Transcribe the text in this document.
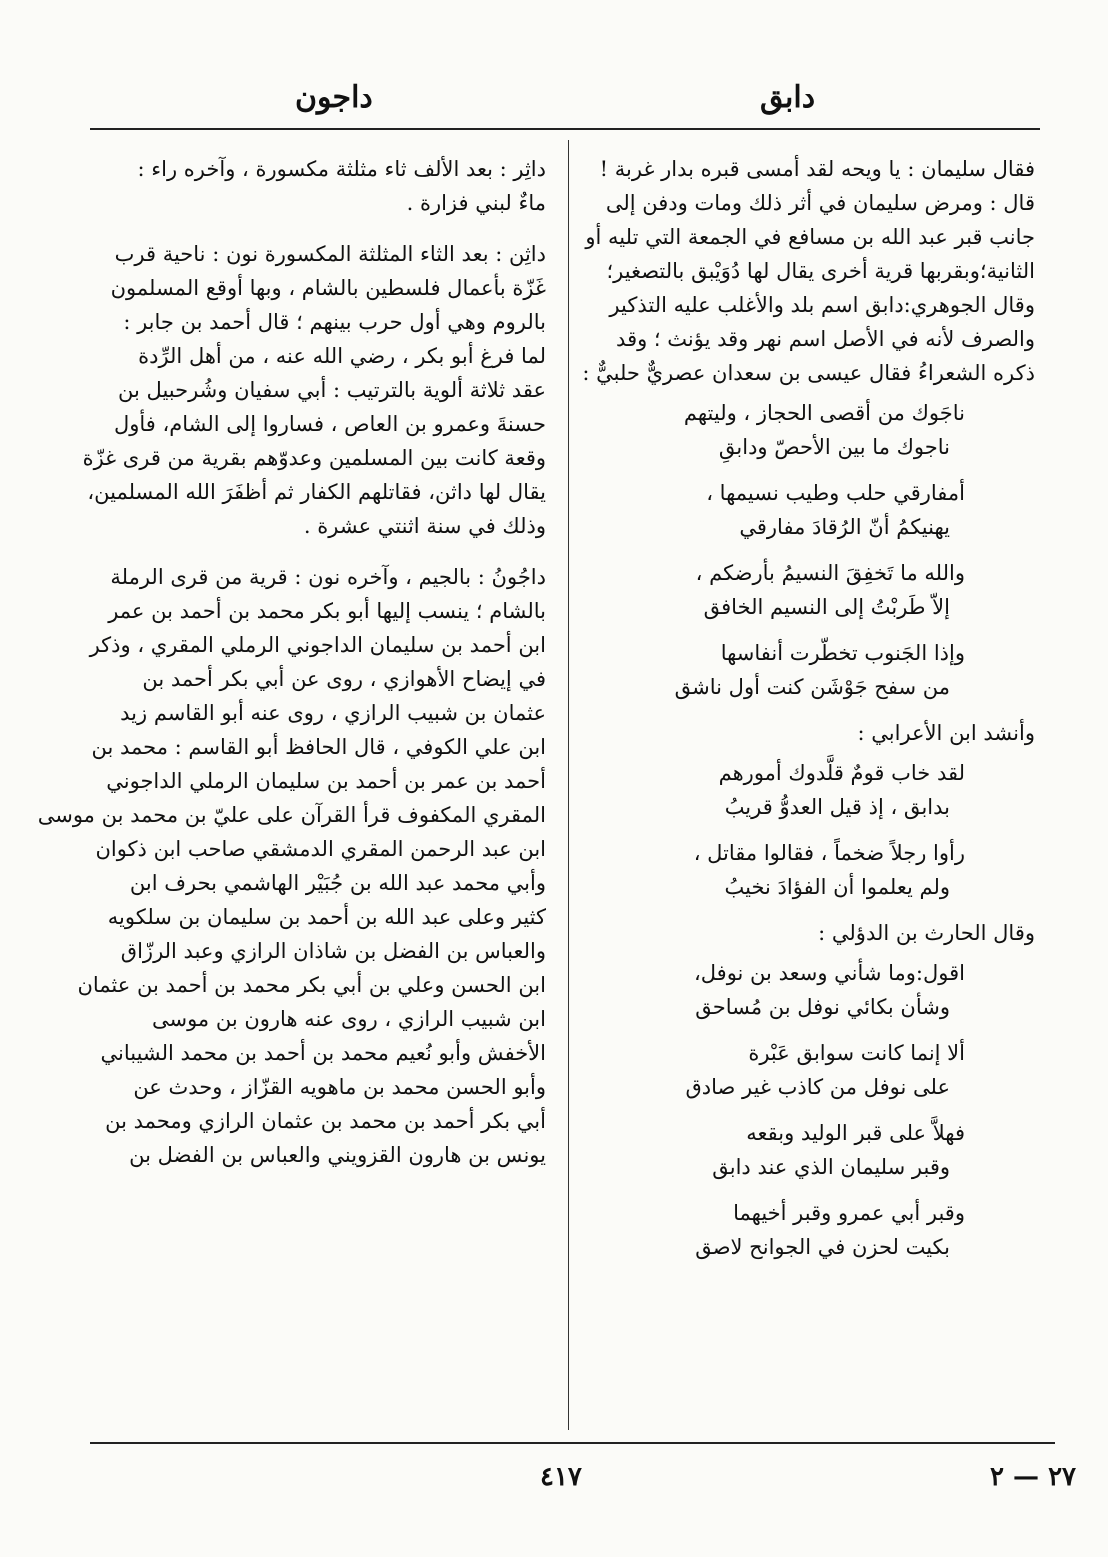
دابق
داجون
فقال سليمان : يا ويحه لقد أمسى قبره بدار غربة !
قال : ومرض سليمان في أثر ذلك ومات ودفن إلى
جانب قبر عبد الله بن مسافع في الجمعة التي تليه أو
الثانية؛وبقربها قرية أخرى يقال لها دُوَيْبق بالتصغير؛
وقال الجوهري:دابق اسم بلد والأغلب عليه التذكير
والصرف لأنه في الأصل اسم نهر وقد يؤنث ؛ وقد
ذكره الشعراءُ فقال عيسى بن سعدان عصريٌّ حلبيٌّ :
ناجَوك من أقصى الحجاز ، وليتهم
ناجوك ما بين الأحصّ ودابقِ
أمفارقي حلب وطيب نسيمها ،
يهنيكمُ أنّ الرُقادَ مفارقي
والله ما تَخفِقَ النسيمُ بأرضكم ،
إلاّ طَربْتُ إلى النسيم الخافق
وإذا الجَنوب تخطّرت أنفاسها
من سفح جَوْشَن كنت أول ناشق
وأنشد ابن الأعرابي :
لقد خاب قومٌ قلَّدوك أمورهم
بدابق ، إذ قيل العدوُّ قريبُ
رأوا رجلاً ضخماً ، فقالوا مقاتل ،
ولم يعلموا أن الفؤادَ نخيبُ
وقال الحارث بن الدؤلي :
اقول:وما شأني وسعد بن نوفل،
وشأن بكائي نوفل بن مُساحق
ألا إنما كانت سوابق عَبْرة
على نوفل من كاذب غير صادق
فهلاَّ على قبر الوليد وبقعه
وقبر سليمان الذي عند دابق
وقبر أبي عمرو وقبر أخيهما
بكيت لحزن في الجوانح لاصق
داثِر : بعد الألف ثاء مثلثة مكسورة ، وآخره راء :
ماءٌ لبني فزارة .
داثِن : بعد الثاء المثلثة المكسورة نون : ناحية قرب
غَزّة بأعمال فلسطين بالشام ، وبها أوقع المسلمون
بالروم وهي أول حرب بينهم ؛ قال أحمد بن جابر :
لما فرغ أبو بكر ، رضي الله عنه ، من أهل الرِّدة
عقد ثلاثة ألوية بالترتيب : أبي سفيان وشُرحبيل بن
حسنةَ وعمرو بن العاص ، فساروا إلى الشام، فأول
وقعة كانت بين المسلمين وعدوّهم بقرية من قرى غزّة
يقال لها داثن، فقاتلهم الكفار ثم أظفَرَ الله المسلمين،
وذلك في سنة اثنتي عشرة .
داجُونُ : بالجيم ، وآخره نون : قرية من قرى الرملة
بالشام ؛ ينسب إليها أبو بكر محمد بن أحمد بن عمر
ابن أحمد بن سليمان الداجوني الرملي المقري ، وذكر
في إيضاح الأهوازي ، روى عن أبي بكر أحمد بن
عثمان بن شبيب الرازي ، روى عنه أبو القاسم زيد
ابن علي الكوفي ، قال الحافظ أبو القاسم : محمد بن
أحمد بن عمر بن أحمد بن سليمان الرملي الداجوني
المقري المكفوف قرأ القرآن على عليّ بن محمد بن موسى
ابن عبد الرحمن المقري الدمشقي صاحب ابن ذكوان
وأبي محمد عبد الله بن جُبَيْر الهاشمي بحرف ابن
كثير وعلى عبد الله بن أحمد بن سليمان بن سلكويه
والعباس بن الفضل بن شاذان الرازي وعبد الرزّاق
ابن الحسن وعلي بن أبي بكر محمد بن أحمد بن عثمان
ابن شبيب الرازي ، روى عنه هارون بن موسى
الأخفش وأبو نُعيم محمد بن أحمد بن محمد الشيباني
وأبو الحسن محمد بن ماهويه القزّاز ، وحدث عن
أبي بكر أحمد بن محمد بن عثمان الرازي ومحمد بن
يونس بن هارون القزويني والعباس بن الفضل بن
٤١٧	٢٧ — ٢
